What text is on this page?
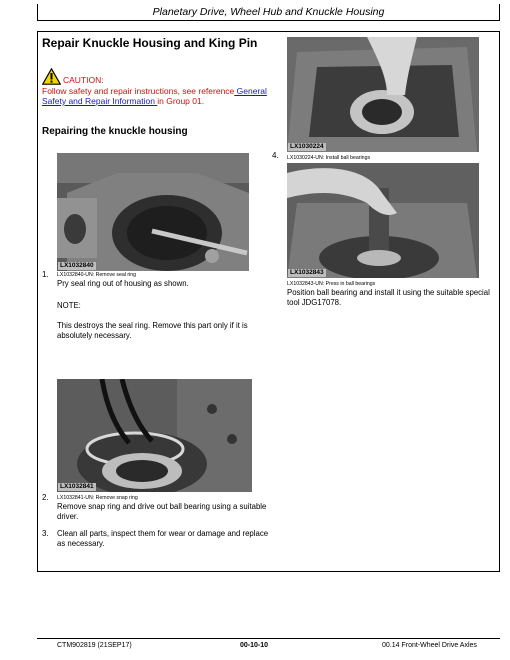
Planetary Drive, Wheel Hub and Knuckle Housing
Repair Knuckle Housing and King Pin
CAUTION:
Follow safety and repair instructions, see reference General Safety and Repair Information in Group 01.
Repairing the knuckle housing
LX1032840
1. LX1032840-UN: Remove seal ring
Pry seal ring out of housing as shown.
NOTE:
This destroys the seal ring. Remove this part only if it is absolutely necessary.
LX1032841
2. LX1032841-UN: Remove snap ring
Remove snap ring and drive out ball bearing using a suitable driver.
3. Clean all parts, inspect them for wear or damage and replace as necessary.
LX1030224
4. LX1030224-UN: Install ball bearings
LX1032843
LX1032843-UN: Press in ball bearings
Position ball bearing and install it using the suitable special tool JDG17078.
CTM902819 (21SEP17)	00-10-10	00.14 Front-Wheel Drive Axles
